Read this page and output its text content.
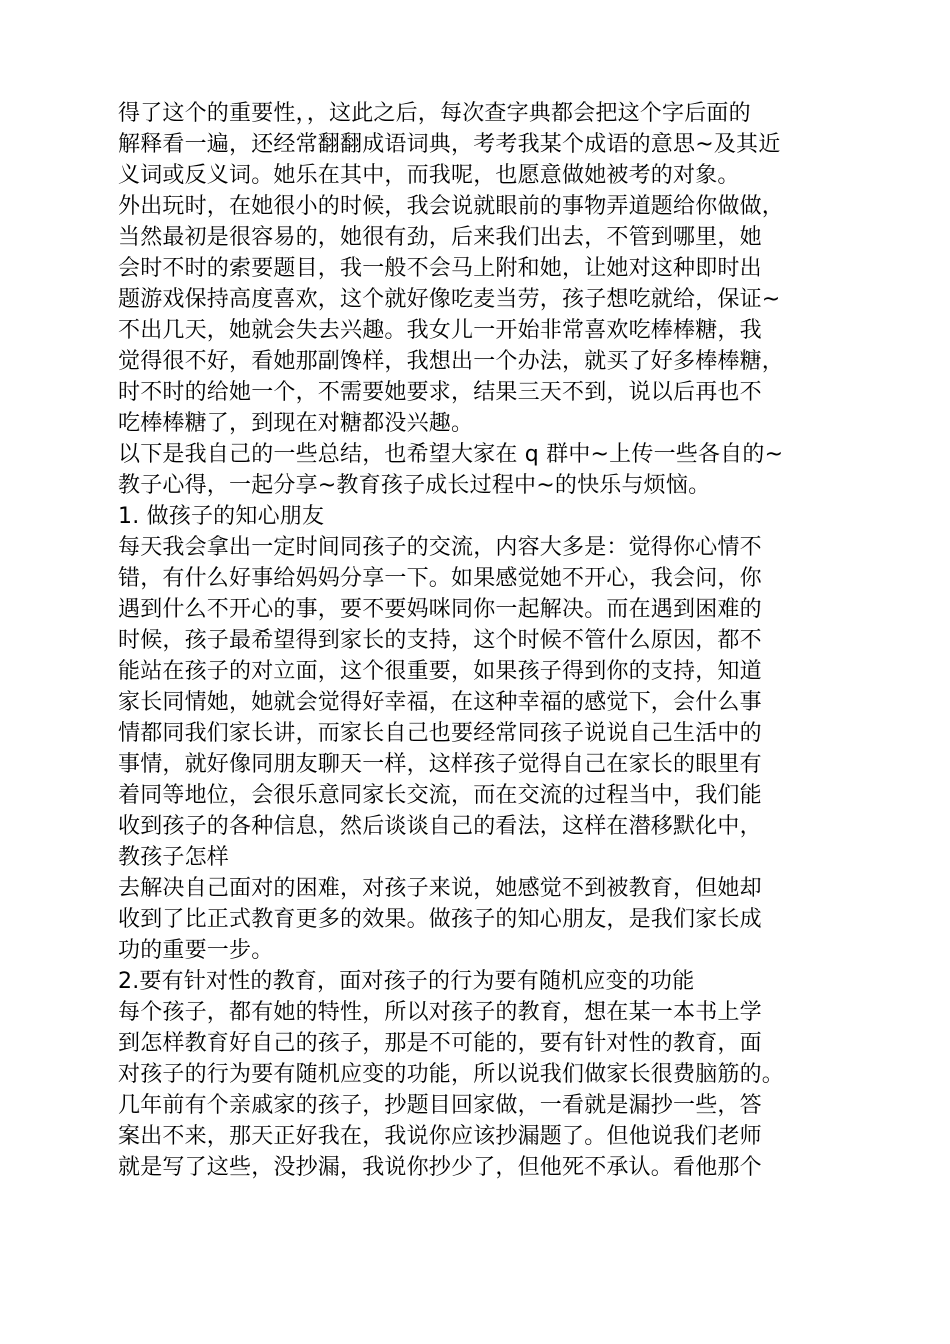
得了这个的重要性，，这此之后，每次查字典都会把这个字后面的
解释看一遍，还经常翻翻成语词典，考考我某个成语的意思~及其近
义词或反义词。她乐在其中，而我呢，也愿意做她被考的对象。
外出玩时，在她很小的时候，我会说就眼前的事物弄道题给你做做，
当然最初是很容易的，她很有劲，后来我们出去，不管到哪里，她
会时不时的索要题目，我一般不会马上附和她，让她对这种即时出
题游戏保持高度喜欢，这个就好像吃麦当劳，孩子想吃就给，保证~
不出几天，她就会失去兴趣。我女儿一开始非常喜欢吃棒棒糖，我
觉得很不好，看她那副馋样，我想出一个办法，就买了好多棒棒糖，
时不时的给她一个，不需要她要求，结果三天不到，说以后再也不
吃棒棒糖了，到现在对糖都没兴趣。
以下是我自己的一些总结，也希望大家在 q 群中~上传一些各自的~
教子心得，一起分享~教育孩子成长过程中~的快乐与烦恼。
1. 做孩子的知心朋友
每天我会拿出一定时间同孩子的交流，内容大多是：觉得你心情不
错，有什么好事给妈妈分享一下。如果感觉她不开心，我会问，你
遇到什么不开心的事，要不要妈咪同你一起解决。而在遇到困难的
时候，孩子最希望得到家长的支持，这个时候不管什么原因，都不
能站在孩子的对立面，这个很重要，如果孩子得到你的支持，知道
家长同情她，她就会觉得好幸福，在这种幸福的感觉下，会什么事
情都同我们家长讲，而家长自己也要经常同孩子说说自己生活中的
事情，就好像同朋友聊天一样，这样孩子觉得自己在家长的眼里有
着同等地位，会很乐意同家长交流，而在交流的过程当中，我们能
收到孩子的各种信息，然后谈谈自己的看法，这样在潜移默化中，
教孩子怎样
去解决自己面对的困难，对孩子来说，她感觉不到被教育，但她却
收到了比正式教育更多的效果。做孩子的知心朋友，是我们家长成
功的重要一步。
2.要有针对性的教育，面对孩子的行为要有随机应变的功能
每个孩子，都有她的特性，所以对孩子的教育，想在某一本书上学
到怎样教育好自己的孩子，那是不可能的，要有针对性的教育，面
对孩子的行为要有随机应变的功能，所以说我们做家长很费脑筋的。
几年前有个亲戚家的孩子，抄题目回家做，一看就是漏抄一些，答
案出不来，那天正好我在，我说你应该抄漏题了。但他说我们老师
就是写了这些，没抄漏，我说你抄少了，但他死不承认。看他那个
